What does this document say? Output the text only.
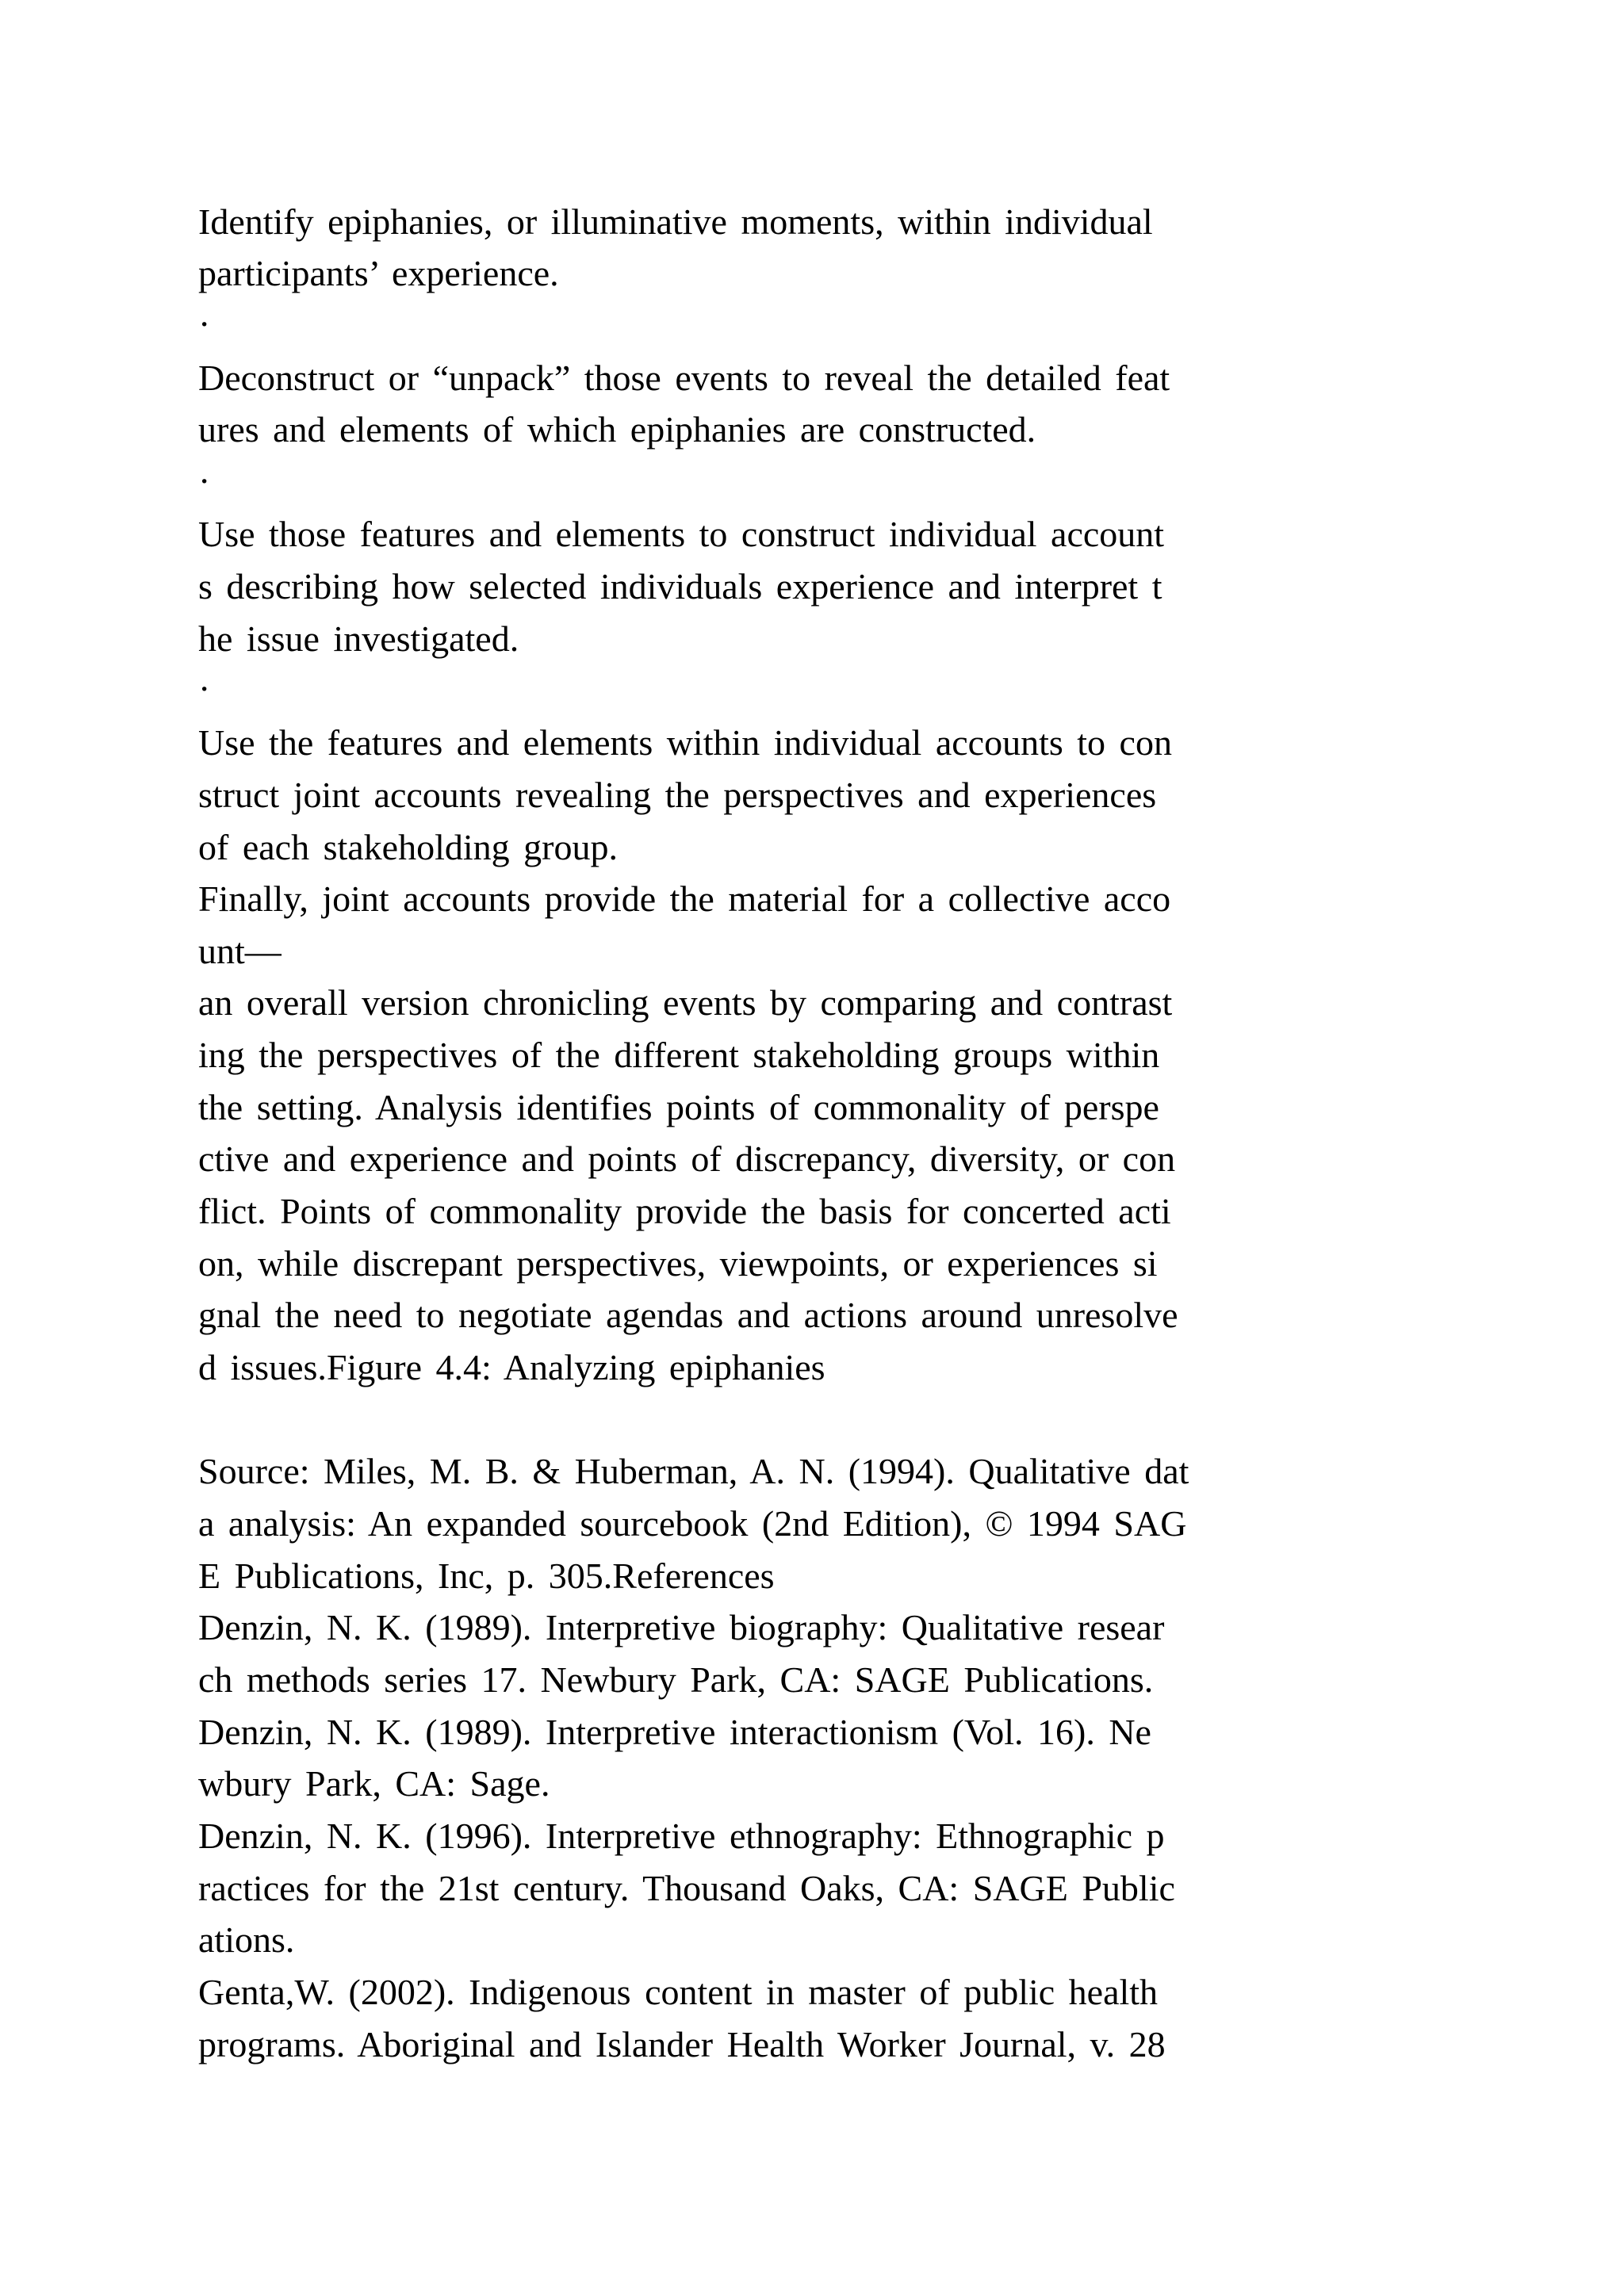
Identify epiphanies, or illuminative moments, within individual

participants’ experience.

·

Deconstruct or “unpack” those events to reveal the detailed feat

ures and elements of which epiphanies are constructed.

·

Use those features and elements to construct individual account

s describing how selected individuals experience and interpret t

he issue investigated.

·

Use the features and elements within individual accounts to con

struct joint accounts revealing the perspectives and experiences

of each stakeholding group.

Finally, joint accounts provide the material for a collective acco

unt—

an overall version chronicling events by comparing and contrast

ing the perspectives of the different stakeholding groups within

the setting. Analysis identifies points of commonality of perspe

ctive and experience and points of discrepancy, diversity, or con

flict. Points of commonality provide the basis for concerted acti

on, while discrepant perspectives, viewpoints, or experiences si

gnal the need to negotiate agendas and actions around unresolve

d issues.Figure 4.4: Analyzing epiphanies

Source: Miles, M. B. & Huberman, A. N. (1994). Qualitative dat

a analysis: An expanded sourcebook (2nd Edition), © 1994 SAG

E Publications, Inc, p. 305.References

Denzin, N. K. (1989). Interpretive biography: Qualitative resear

ch methods series 17. Newbury Park, CA: SAGE Publications.

Denzin, N. K. (1989). Interpretive interactionism (Vol. 16). Ne

wbury Park, CA: Sage.

Denzin, N. K. (1996). Interpretive ethnography: Ethnographic p

ractices for the 21st century. Thousand Oaks, CA: SAGE Public

ations.

Genta,W. (2002). Indigenous content in master of public health

programs. Aboriginal and Islander Health Worker Journal, v. 28
